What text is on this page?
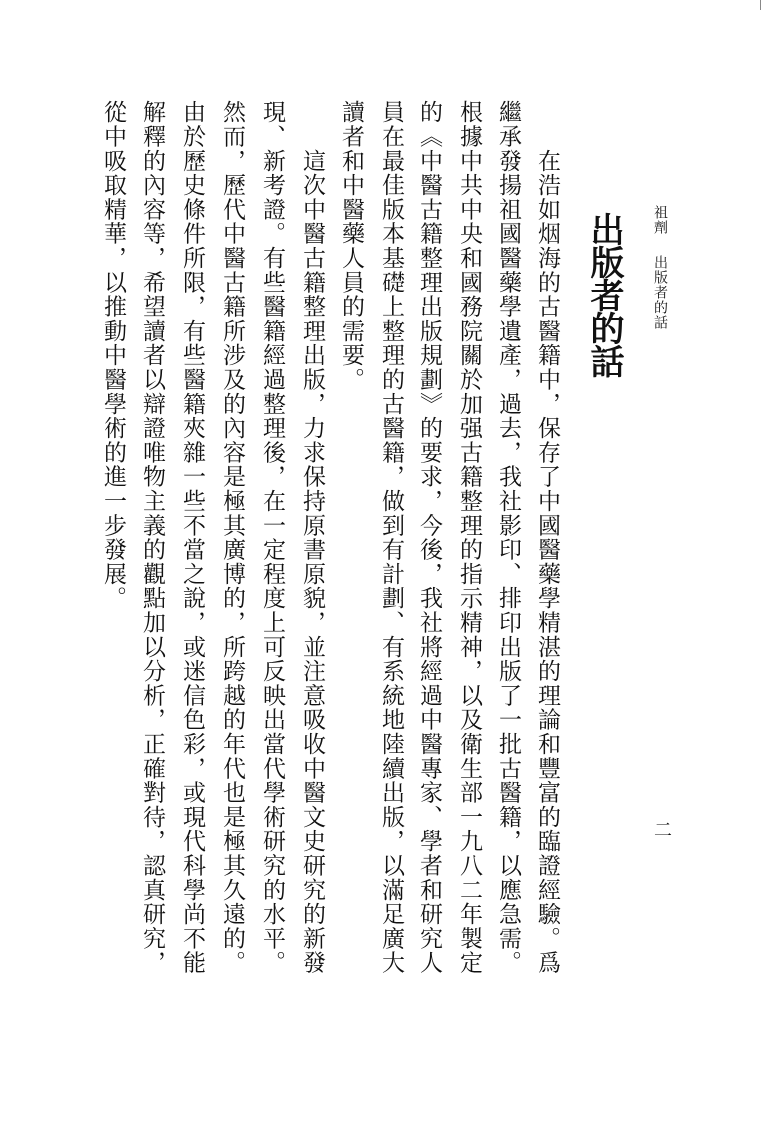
祖劑出版者的話
二
出版者的話
　　在浩如烟海的古醫籍中，保存了中國醫藥學精湛的理論和豐富的臨證經驗。爲
繼承發揚祖國醫藥學遺產，過去，我社影印、排印出版了一批古醫籍，以應急需。
根據中共中央和國務院關於加强古籍整理的指示精神，以及衛生部一九八二年製定
的《中醫古籍整理出版規劃》的要求，今後，我社將經過中醫專家、學者和研究人
員在最佳版本基礎上整理的古醫籍，做到有計劃、有系統地陸續出版，以滿足廣大
讀者和中醫藥人員的需要。
　　這次中醫古籍整理出版，力求保持原書原貌，並注意吸收中醫文史研究的新發
現、新考證。有些醫籍經過整理後，在一定程度上可反映出當代學術研究的水平。
然而，歷代中醫古籍所涉及的內容是極其廣博的，所跨越的年代也是極其久遠的。
由於歷史條件所限，有些醫籍夾雜一些不當之說，或迷信色彩，或現代科學尚不能
解釋的內容等，希望讀者以辯證唯物主義的觀點加以分析，正確對待，認真研究，
從中吸取精華，以推動中醫學術的進一步發展。
